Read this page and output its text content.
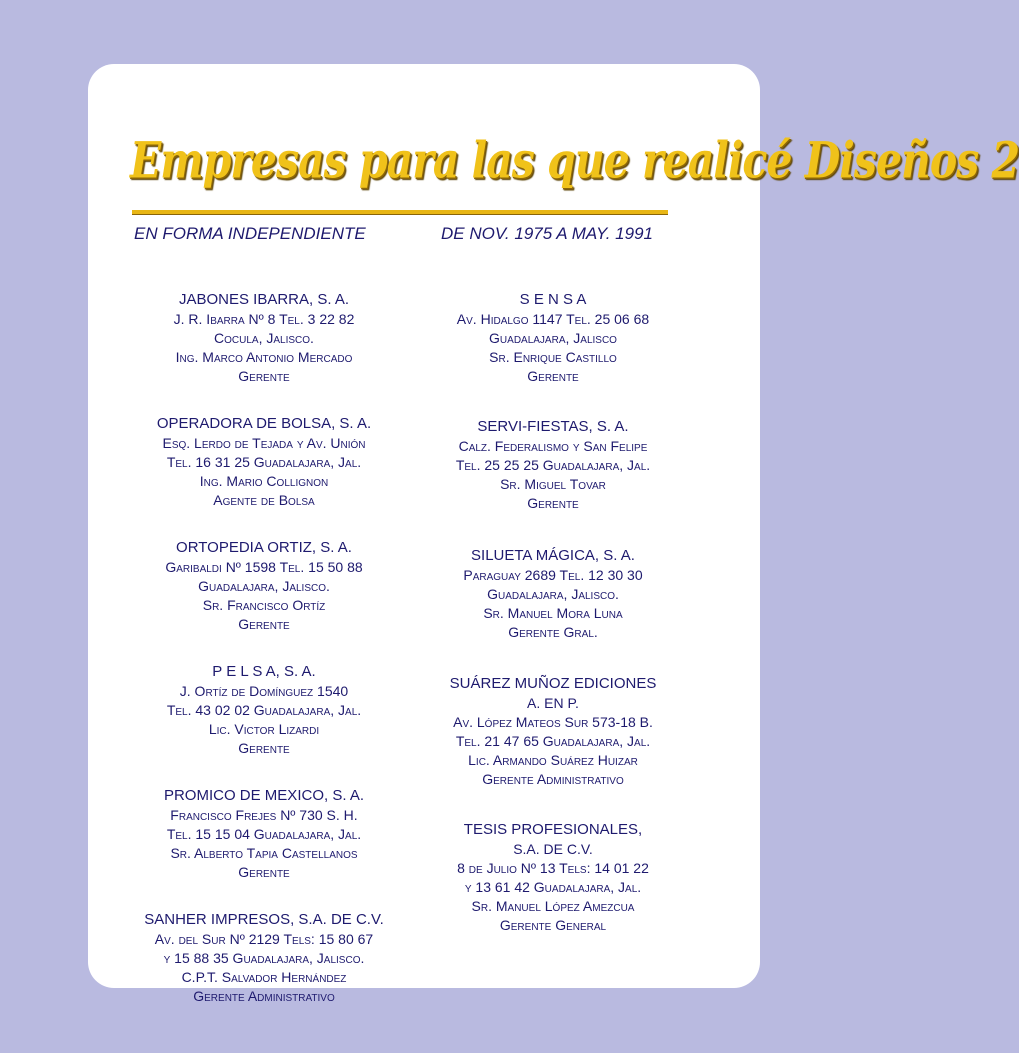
Empresas para las que realicé Diseños 2
EN FORMA INDEPENDIENTE	DE NOV. 1975 A MAY. 1991
JABONES IBARRA, S. A.
J. R. Ibarra Nº 8 Tel. 3 22 82
Cocula, Jalisco.
Ing. Marco Antonio Mercado
Gerente
OPERADORA DE BOLSA, S. A.
Esq. Lerdo de Tejada y Av. Unión
Tel. 16 31 25 Guadalajara, Jal.
Ing. Mario Collignon
Agente de Bolsa
ORTOPEDIA ORTIZ, S. A.
Garibaldi Nº 1598 Tel. 15 50 88
Guadalajara, Jalisco.
Sr. Francisco Ortíz
Gerente
P E L S A, S. A.
J. Ortíz de Domínguez 1540
Tel. 43 02 02 Guadalajara, Jal.
Lic. Victor Lizardi
Gerente
PROMICO DE MEXICO, S. A.
Francisco Frejes Nº 730 S. H.
Tel. 15 15 04 Guadalajara, Jal.
Sr. Alberto Tapia Castellanos
Gerente
SANHER IMPRESOS, S.A. DE C.V.
Av. del Sur Nº 2129 Tels: 15 80 67
y 15 88 35 Guadalajara, Jalisco.
C.P.T. Salvador Hernández
Gerente Administrativo
S E N S A
Av. Hidalgo 1147 Tel. 25 06 68
Guadalajara, Jalisco
Sr. Enrique Castillo
Gerente
SERVI-FIESTAS, S. A.
Calz. Federalismo y San Felipe
Tel. 25 25 25 Guadalajara, Jal.
Sr. Miguel Tovar
Gerente
SILUETA MÁGICA, S. A.
Paraguay 2689 Tel. 12 30 30
Guadalajara, Jalisco.
Sr. Manuel Mora Luna
Gerente Gral.
SUÁREZ MUÑOZ EDICIONES
A. EN P.
Av. López Mateos Sur 573-18 B.
Tel. 21 47 65 Guadalajara, Jal.
Lic. Armando Suárez Huizar
Gerente Administrativo
TESIS PROFESIONALES,
S.A. DE C.V.
8 de Julio Nº 13 Tels: 14 01 22
y 13 61 42 Guadalajara, Jal.
Sr. Manuel López Amezcua
Gerente General
